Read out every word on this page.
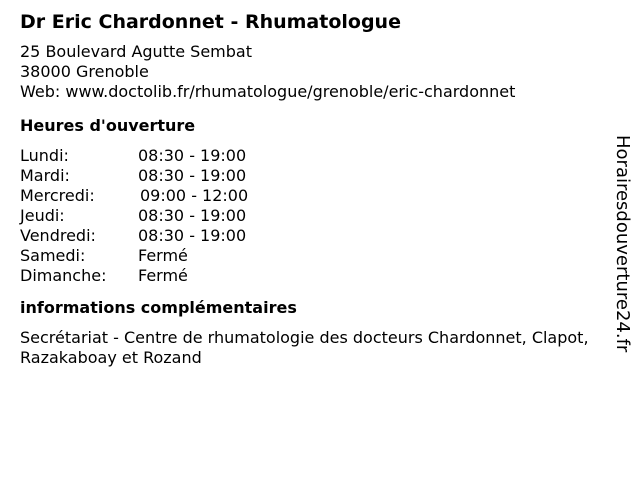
Dr Eric Chardonnet - Rhumatologue
25 Boulevard Agutte Sembat
38000 Grenoble
Web: www.doctolib.fr/rhumatologue/grenoble/eric-chardonnet
Heures d'ouverture
Lundi:	08:30 - 19:00
Mardi:	08:30 - 19:00
Mercredi:	09:00 - 12:00
Jeudi:	08:30 - 19:00
Vendredi:	08:30 - 19:00
Samedi:	Fermé
Dimanche: Fermé
informations complémentaires
Secrétariat - Centre de rhumatologie des docteurs Chardonnet, Clapot, Razakaboay et Rozand
Horairesdouverture24.fr
